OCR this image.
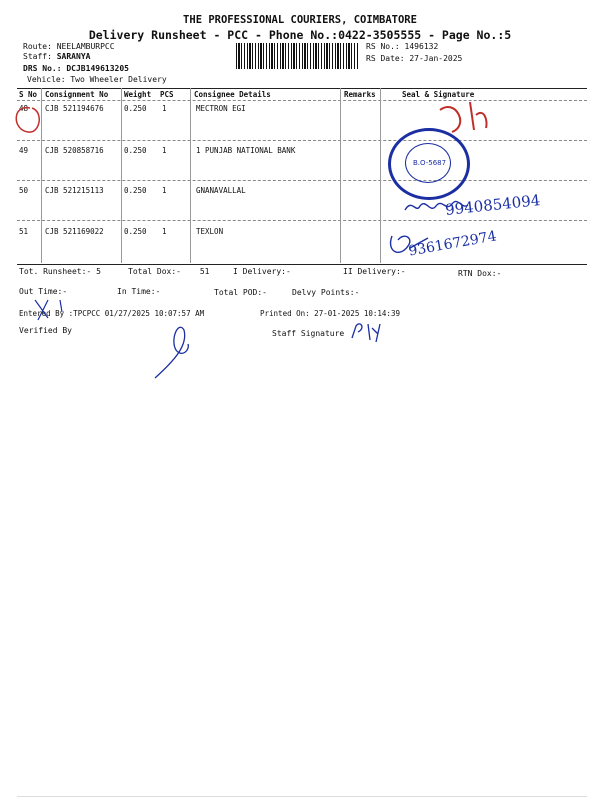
THE PROFESSIONAL COURIERS, COIMBATORE
Delivery Runsheet - PCC - Phone No.:0422-3505555 - Page No.:5
Route: NEELAMBURPCC
Staff: SARANYA
DRS No.: DCJB149613205
Vehicle: Two Wheeler Delivery
RS No.: 1496132
RS Date: 27-Jan-2025
S No Consignment No Weight PCS	Consignee Details	Remarks	Seal & Signature
48 CJB 521194676	0.250 1	MECTRON EGI
49 CJB 520858716	0.250 1	1 PUNJAB NATIONAL BANK
50 CJB 521215113	0.250 1	GNANAVALLAL
51 CJB 521169022	0.250 1	TEXLON
B.O-5687
Tot. Runsheet:- 5	Total Dox:- 51	I Delivery:-	II Delivery:-	RTN Dox:-
Out Time:-	In Time:-	Total POD:-	Delvy Points:-
Entered By :TPCPCC 01/27/2025 10:07:57 AM	Printed On: 27-01-2025 10:14:39
Verified By	Staff Signature
9940854094
9361672974
